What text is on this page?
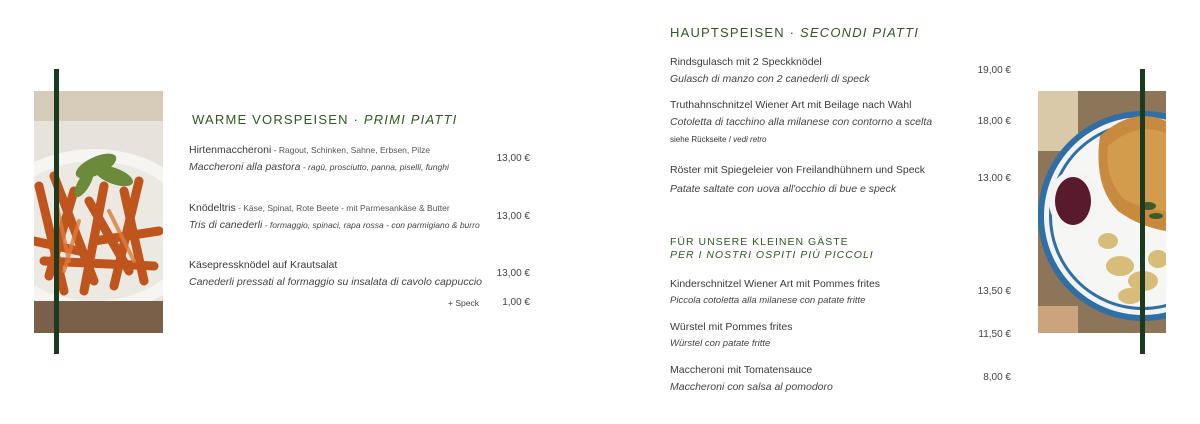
WARME VORSPEISEN · PRIMI PIATTI
Hirtenmaccheroni - Ragout, Schinken, Sahne, Erbsen, Pilze
Maccheroni alla pastora - ragù, prosciutto, panna, piselli, funghi
13,00 €
Knödeltris - Käse, Spinat, Rote Beete - mit Parmesankäse & Butter
Tris di canederli - formaggio, spinaci, rapa rossa - con parmigiano & burro
13,00 €
Käsepressknödel auf Krautsalat
Canederli pressati al formaggio su insalata di cavolo cappuccio
13,00 €
+ Speck	1,00 €
HAUPTSPEISEN · SECONDI PIATTI
Rindsgulasch mit 2 Speckknödel
Gulasch di manzo con 2 canederli di speck
19,00 €
Truthahnschnitzel Wiener Art mit Beilage nach Wahl
Cotoletta di tacchino alla milanese con contorno a scelta
siehe Rückseite / vedi retro
18,00 €
Röster mit Spiegeleier von Freilandhühnern und Speck
Patate saltate con uova all'occhio di bue e speck
13,00 €
FÜR UNSERE KLEINEN GÄSTE
PER I NOSTRI OSPITI PIÙ PICCOLI
Kinderschnitzel Wiener Art mit Pommes frites
Piccola cotoletta alla milanese con patate fritte
13,50 €
Würstel mit Pommes frites
Würstel con patate fritte
11,50 €
Maccheroni mit Tomatensauce
Maccheroni con salsa al pomodoro
8,00 €
